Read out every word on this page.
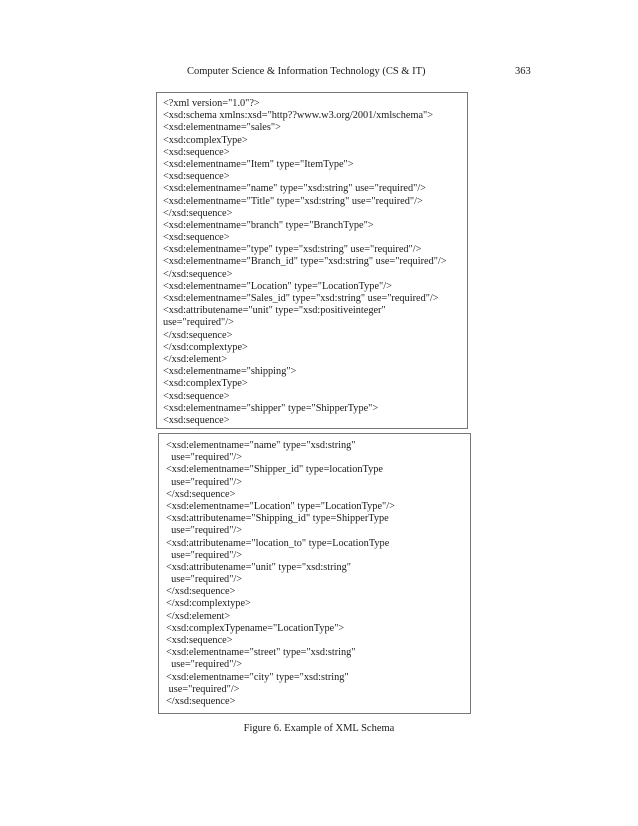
Computer Science & Information Technology (CS & IT)	363
<?xml version="1.0"?>
<xsd:schema xmlns:xsd="http??www.w3.org/2001/xmlschema">
<xsd:elementname="sales">
<xsd:complexType>
<xsd:sequence>
<xsd:elementname="Item" type="ItemType">
<xsd:sequence>
<xsd:elementname="name" type="xsd:string" use="required"/>
<xsd:elementname="Title" type="xsd:string" use="required"/>
</xsd:sequence>
<xsd:elementname="branch" type="BranchType">
<xsd:sequence>
<xsd:elementname="type" type="xsd:string" use="required"/>
<xsd:elementname="Branch_id" type="xsd:string" use="required"/>
</xsd:sequence>
<xsd:elementname="Location" type="LocationType"/>
<xsd:elementname="Sales_id" type="xsd:string" use="required"/>
<xsd:attributename="unit" type="xsd:positiveinteger"
use="required"/>
</xsd:sequence>
</xsd:complextype>
</xsd:element>
<xsd:elementname="shipping">
<xsd:complexType>
<xsd:sequence>
<xsd:elementname="shipper" type="ShipperType">
<xsd:sequence>
<xsd:elementname="name" type="xsd:string"
use="required"/>
<xsd:elementname="Shipper_id" type=locationType
use="required"/>
</xsd:sequence>
<xsd:elementname="Location" type="LocationType"/>
<xsd:attributename="Shipping_id" type=ShipperType
use="required"/>
<xsd:attributename="location_to" type=LocationType
use="required"/>
<xsd:attributename="unit" type="xsd:string"
use="required"/>
</xsd:sequence>
</xsd:complextype>
</xsd:element>
<xsd:complexTypename="LocationType">
<xsd:sequence>
<xsd:elementname="street" type="xsd:string"
use="required"/>
<xsd:elementname="city" type="xsd:string"
use="required"/>
</xsd:sequence>
Figure 6. Example of XML Schema
